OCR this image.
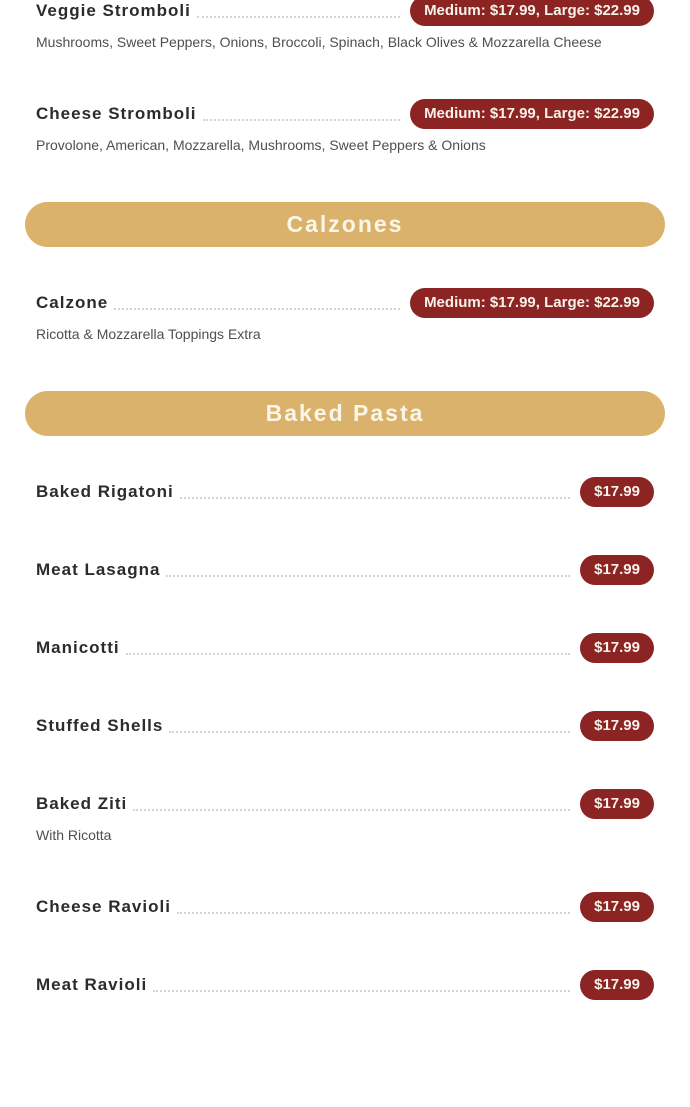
Veggie Stromboli	Medium: $17.99, Large: $22.99

Mushrooms, Sweet Peppers, Onions, Broccoli, Spinach, Black Olives & Mozzarella Cheese

Cheese Stromboli	Medium: $17.99, Large: $22.99

Provolone, American, Mozzarella, Mushrooms, Sweet Peppers & Onions

Calzones
Calzone	Medium: $17.99, Large: $22.99

Ricotta & Mozzarella Toppings Extra

Baked Pasta
Baked Rigatoni	$17.99
Meat Lasagna	$17.99
Manicotti	$17.99
Stuffed Shells	$17.99
Baked Ziti	$17.99

With Ricotta

Cheese Ravioli	$17.99
Meat Ravioli	$17.99
